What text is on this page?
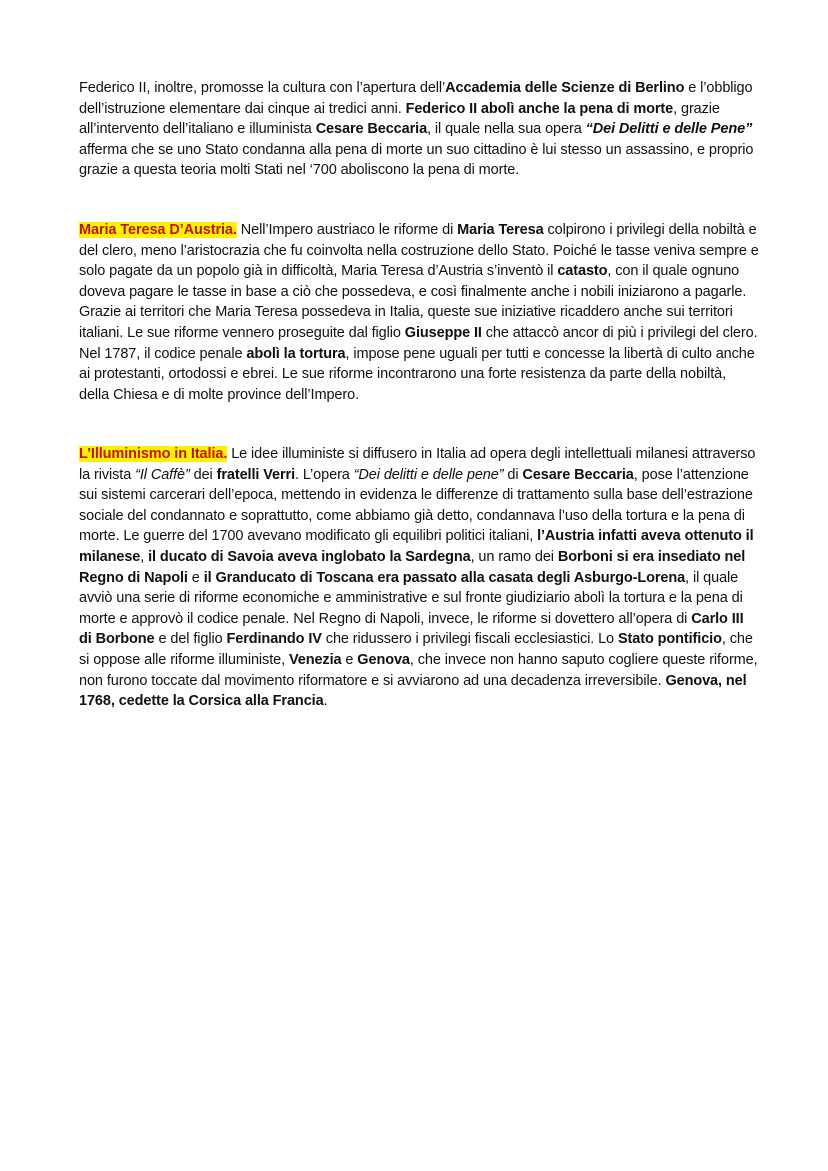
Federico II, inoltre, promosse la cultura con l’apertura dell’Accademia delle Scienze di Berlino e l’obbligo dell’istruzione elementare dai cinque ai tredici anni. Federico II abolì anche la pena di morte, grazie all’intervento dell’italiano e illuminista Cesare Beccaria, il quale nella sua opera “Dei Delitti e delle Pene” afferma che se uno Stato condanna alla pena di morte un suo cittadino è lui stesso un assassino, e proprio grazie a questa teoria molti Stati nel ‘700 aboliscono la pena di morte.

Maria Teresa D’Austria. Nell’Impero austriaco le riforme di Maria Teresa colpirono i privilegi della nobiltà e del clero, meno l’aristocrazia che fu coinvolta nella costruzione dello Stato. Poiché le tasse veniva sempre e solo pagate da un popolo già in difficoltà, Maria Teresa d’Austria s’inventò il catasto, con il quale ognuno doveva pagare le tasse in base a ciò che possedeva, e così finalmente anche i nobili iniziarono a pagarle. Grazie ai territori che Maria Teresa possedeva in Italia, queste sue iniziative ricaddero anche sui territori italiani. Le sue riforme vennero proseguite dal figlio Giuseppe II che attaccò ancor di più i privilegi del clero. Nel 1787, il codice penale abolì la tortura, impose pene uguali per tutti e concesse la libertà di culto anche ai protestanti, ortodossi e ebrei. Le sue riforme incontrarono una forte resistenza da parte della nobiltà, della Chiesa e di molte province dell’Impero.

L’Illuminismo in Italia. Le idee illuministe si diffusero in Italia ad opera degli intellettuali milanesi attraverso la rivista “Il Caffè” dei fratelli Verri. L’opera “Dei delitti e delle pene” di Cesare Beccaria, pose l’attenzione sui sistemi carcerari dell’epoca, mettendo in evidenza le differenze di trattamento sulla base dell’estrazione sociale del condannato e soprattutto, come abbiamo già detto, condannava l’uso della tortura e la pena di morte. Le guerre del 1700 avevano modificato gli equilibri politici italiani, l’Austria infatti aveva ottenuto il milanese, il ducato di Savoia aveva inglobato la Sardegna, un ramo dei Borboni si era insediato nel Regno di Napoli e il Granducato di Toscana era passato alla casata degli Asburgo-Lorena, il quale avviò una serie di riforme economiche e amministrative e sul fronte giudiziario abolì la tortura e la pena di morte e approvò il codice penale. Nel Regno di Napoli, invece, le riforme si dovettero all’opera di Carlo III di Borbone e del figlio Ferdinando IV che ridussero i privilegi fiscali ecclesiastici. Lo Stato pontificio, che si oppose alle riforme illuministe, Venezia e Genova, che invece non hanno saputo cogliere queste riforme, non furono toccate dal movimento riformatore e si avviarono ad una decadenza irreversibile. Genova, nel 1768, cedette la Corsica alla Francia.
